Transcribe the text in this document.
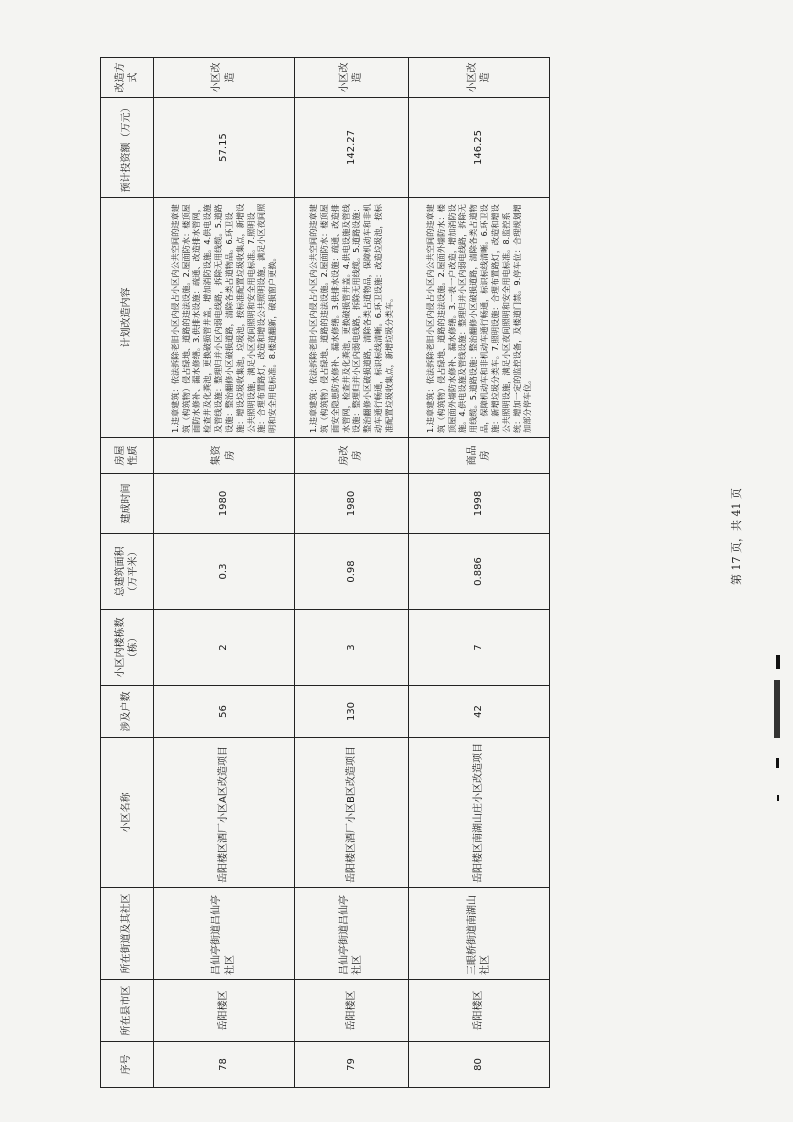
序号	所在县市区	所在街道及其社区	小区名称	涉及户数	小区内楼栋数（栋）	总建筑面积（万平米）	建成时间	房屋性质	计划改造内容	预计投资额（万元）	改造方式
78	岳阳楼区	吕仙亭街道吕仙亭社区	岳阳楼区酒厂小区A区改造项目	56	2	0.3	1980	集资房	1.违章建筑：依法拆除老旧小区内侵占小区内公共空间的违章建筑（构筑物）侵占绿地、道路的违法设施。2.屋面防水：楼顶屋面防水修补、漏水修缮。3.供排水设施：疏通、改造排水管网，检查井及化粪池，更换破损管井盖，增加消防设施。4.供电设施及管线设施：整理归并小区内弱电线路，拆除无用线缆。5.道路设施：整治翻修小区破损道路，清除各类占道物品。6.环卫设施：增设垃圾收集池，垃圾池，按标准配置垃圾收集点，新增设公共照明设施，满足小区夜间照明和安全用电标准。7.照明设施：合理布置路灯，改造和增设公共照明设施，满足小区夜间照明和安全用电标准。8.楼道翻新，破损窗户更换。	57.15	小区改造
79	岳阳楼区	吕仙亭街道吕仙亭社区	岳阳楼区酒厂小区B区改造项目	130	3	0.98	1980	房改房	1.违章建筑：依法拆除老旧小区内侵占小区内公共空间的违章建筑（构筑物）侵占绿地、道路的违法设施。2.屋面防水：楼顶屋面安全隐患防水修补、漏水修缮。3.供排水设施：疏通、改造排水管网，检查井及化粪池，更换破损管井盖。4.供电设施及管线设施：整理归并小区内弱电线路，拆除无用线缆。5.道路设施：整治翻修小区破损道路，清除各类占道物品，保障机动车和非机动车通行畅通，标识标线清晰。6.环卫设施：改造垃圾池，按标准配置垃圾收集点，新增垃圾分类车。	142.27	小区改造
80	岳阳楼区	三眼桥街道南湖山社区	岳阳楼区南湖山庄小区改造项目	42	7	0.886	1998	商品房	1.违章建筑：依法拆除老旧小区内侵占小区内公共空间的违章建筑（构筑物）侵占绿地、道路的违法设施。2.屋面外墙防水：楼顶屋面外墙防水修补、漏水修缮。3.一表一户改造，增加消防设施。4.供电设施及管线设施：整理归并小区内弱电线路，拆除无用线缆。5.道路设施：整治翻修小区破损道路，清除各类占道物品，保障机动车和非机动车通行畅通，标识标线清晰。6.环卫设施：新增垃圾分类车。7.照明设施：合理布置路灯，改造和增设公共照明设施，满足小区夜间照明和安全用电标准。8.监控系统：增加一定的监控设备，及楼道门禁。9.停车位：合理规划增加部分停车位。	146.25	小区改造
第 17 页，共 41 页
